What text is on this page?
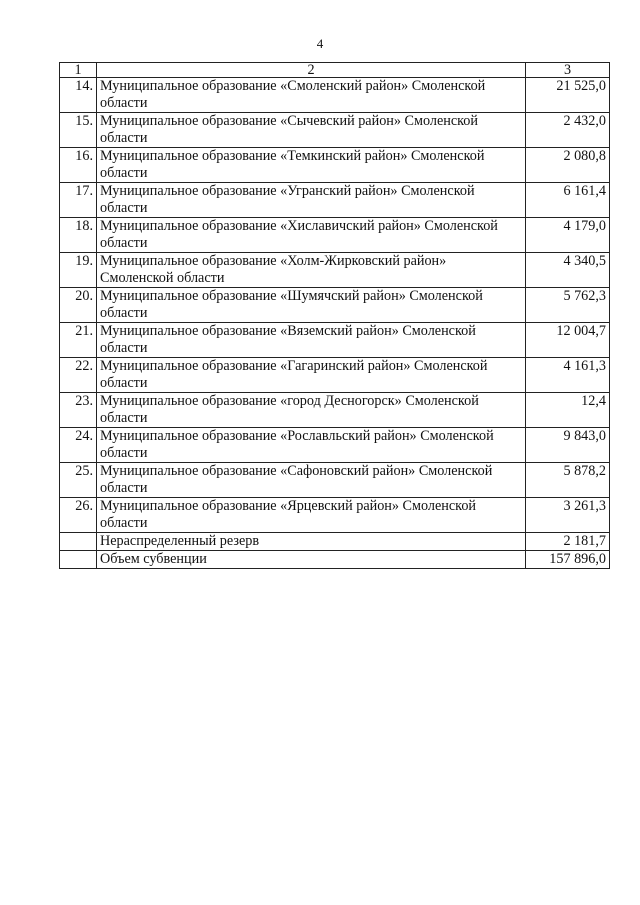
4
1	2	3
14.	Муниципальное образование «Смоленский район» Смоленской области	21 525,0
15.	Муниципальное образование «Сычевский район» Смоленской области	2 432,0
16.	Муниципальное образование «Темкинский район» Смоленской области	2 080,8
17.	Муниципальное образование «Угранский район» Смоленской области	6 161,4
18.	Муниципальное образование «Хиславичский район» Смоленской области	4 179,0
19.	Муниципальное образование «Холм-Жирковский район» Смоленской области	4 340,5
20.	Муниципальное образование «Шумячский район» Смоленской области	5 762,3
21.	Муниципальное образование «Вяземский район» Смоленской области	12 004,7
22.	Муниципальное образование «Гагаринский район» Смоленской области	4 161,3
23.	Муниципальное образование «город Десногорск» Смоленской области	12,4
24.	Муниципальное образование «Рославльский район» Смоленской области	9 843,0
25.	Муниципальное образование «Сафоновский район» Смоленской области	5 878,2
26.	Муниципальное образование «Ярцевский район» Смоленской области	3 261,3
	Нераспределенный резерв	2 181,7
	Объем субвенции	157 896,0
